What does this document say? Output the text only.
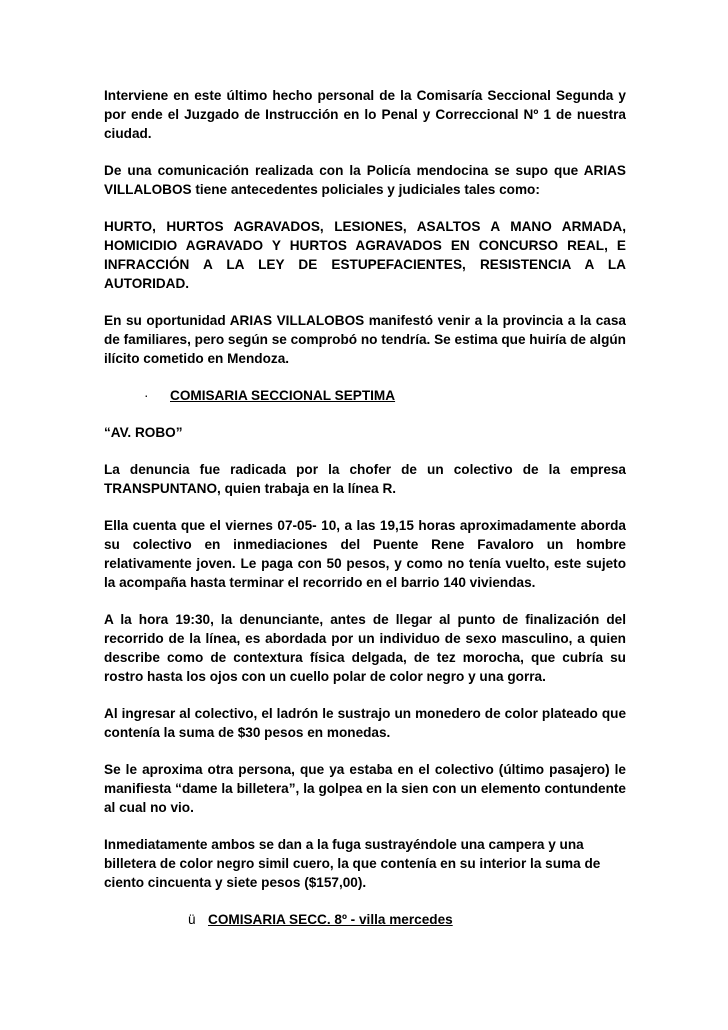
Interviene en este último hecho personal de la Comisaría Seccional Segunda y por ende el Juzgado de Instrucción en lo Penal y Correccional Nº 1 de nuestra ciudad.

De una comunicación realizada con la Policía mendocina se supo que ARIAS VILLALOBOS tiene antecedentes policiales y judiciales tales como:

HURTO, HURTOS AGRAVADOS, LESIONES, ASALTOS A MANO ARMADA, HOMICIDIO AGRAVADO Y HURTOS AGRAVADOS EN CONCURSO REAL, E INFRACCIÓN A LA LEY DE ESTUPEFACIENTES, RESISTENCIA A LA AUTORIDAD.

En su oportunidad ARIAS VILLALOBOS manifestó venir a la provincia a la casa de familiares, pero según se comprobó no tendría. Se estima que huiría de algún ilícito cometido en Mendoza.

·	COMISARIA SECCIONAL SEPTIMA

“AV. ROBO”

La denuncia fue radicada por la chofer de un colectivo de la empresa TRANSPUNTANO, quien trabaja en la línea R.

Ella cuenta que el viernes 07-05- 10, a las 19,15 horas aproximadamente aborda su colectivo en inmediaciones del Puente Rene Favaloro un hombre relativamente joven. Le paga con 50 pesos, y como no tenía vuelto, este sujeto la acompaña hasta terminar el recorrido en el barrio 140 viviendas.

A la hora 19:30, la denunciante, antes de llegar al punto de finalización del recorrido de la línea, es abordada por un individuo de sexo masculino, a quien describe como de contextura física delgada, de tez morocha, que cubría su rostro hasta los ojos con un cuello polar de color negro y una gorra.

Al ingresar al colectivo, el ladrón le sustrajo un monedero de color plateado que contenía la suma de $30 pesos en monedas.

Se le aproxima otra persona, que ya estaba en el colectivo (último pasajero) le manifiesta “dame la billetera”, la golpea en la sien con un elemento contundente al cual no vio.

Inmediatamente ambos se dan a la fuga sustrayéndole una campera y una billetera de color negro simil cuero, la que contenía en su interior la suma de ciento cincuenta y siete pesos ($157,00).

ü COMISARIA SECC. 8º - villa mercedes
